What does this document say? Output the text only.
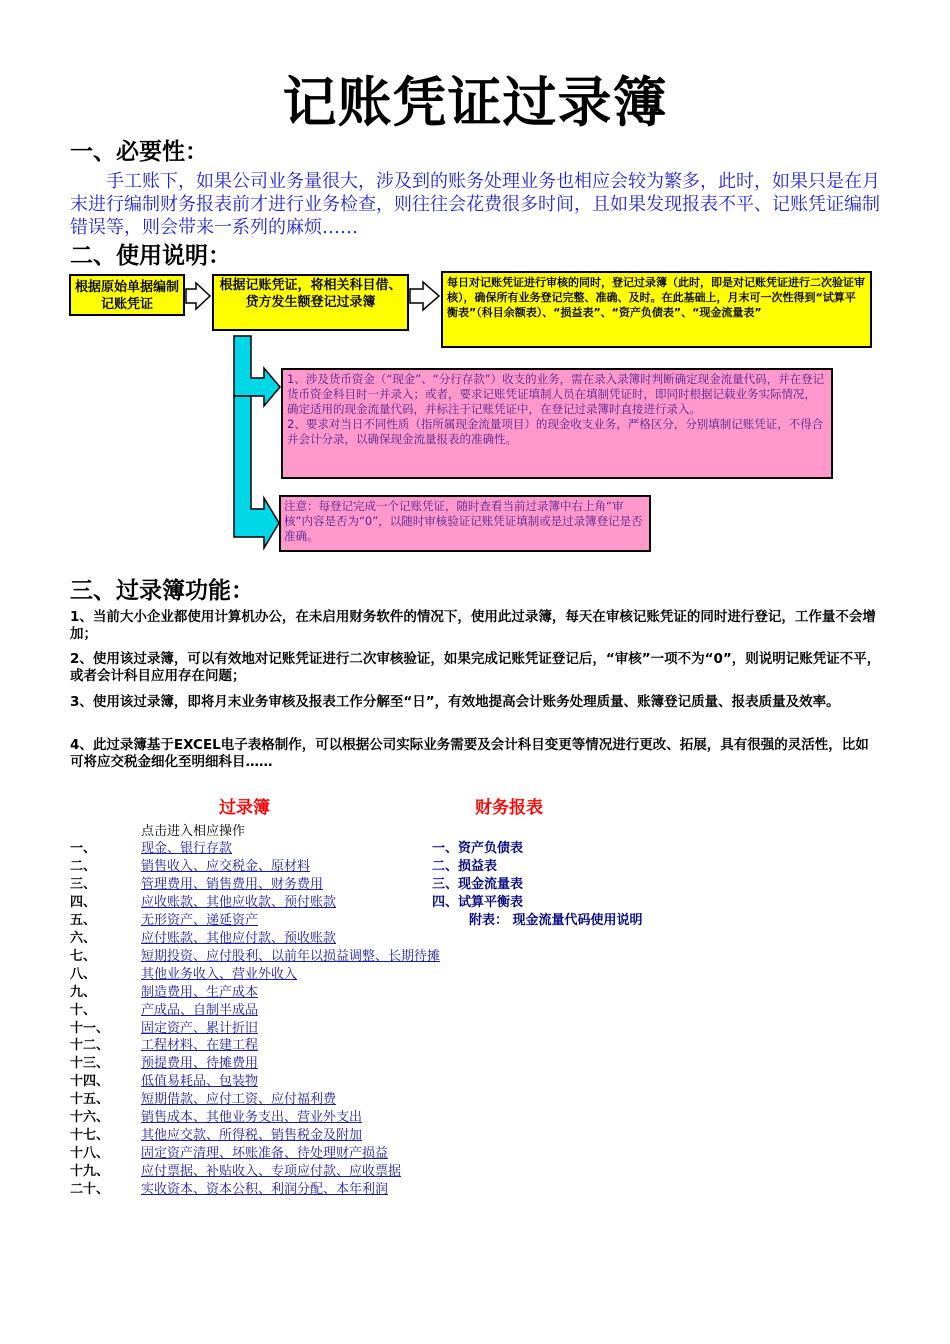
记账凭证过录簿
一、必要性：
　　手工账下，如果公司业务量很大，涉及到的账务处理业务也相应会较为繁多，此时，如果只是在月末进行编制财务报表前才进行业务检查，则往往会花费很多时间，且如果发现报表不平、记账凭证编制错误等，则会带来一系列的麻烦……
二、使用说明：
根据原始单据编制记账凭证
根据记账凭证，将相关科目借、贷方发生额登记过录簿
每日对记账凭证进行审核的同时，登记过录簿（此时，即是对记账凭证进行二次验证审核），确保所有业务登记完整、准确、及时。在此基础上，月末可一次性得到“试算平衡表”（科目余额表）、“损益表”、“资产负债表”、“现金流量表”
1、涉及货币资金（“现金”、“分行存款”）收支的业务，需在录入录簿时判断确定现金流量代码，并在登记货币资金科目时一并录入；或者，要求记账凭证填制人员在填制凭证时，即同时根据记载业务实际情况，确定适用的现金流量代码，并标注于记账凭证中，在登记过录簿时直接进行录入。
2、要求对当日不同性质（指所属现金流量项目）的现金收支业务，严格区分，分别填制记账凭证，不得合并会计分录，以确保现金流量报表的准确性。
注意：每登记完成一个记账凭证，随时查看当前过录簿中右上角“审核”内容是否为“0”，以随时审核验证记账凭证填制或是过录簿登记是否准确。
三、过录簿功能：
1、当前大小企业都使用计算机办公，在未启用财务软件的情况下，使用此过录簿，每天在审核记账凭证的同时进行登记，工作量不会增加；
2、使用该过录簿，可以有效地对记账凭证进行二次审核验证，如果完成记账凭证登记后，“审核”一项不为“0”，则说明记账凭证不平，或者会计科目应用存在问题；
3、使用该过录簿，即将月末业务审核及报表工作分解至“日”，有效地提高会计账务处理质量、账簿登记质量、报表质量及效率。
4、此过录簿基于EXCEL电子表格制作，可以根据公司实际业务需要及会计科目变更等情况进行更改、拓展，具有很强的灵活性，比如可将应交税金细化至明细科目……
过录簿	财务报表
点击进入相应操作
一、	现金、银行存款
二、	销售收入、应交税金、原材料
三、	管理费用、销售费用、财务费用
四、	应收账款、其他应收款、预付账款
五、	无形资产、递延资产
六、	应付账款、其他应付款、预收账款
七、	短期投资、应付股利、以前年以损益调整、长期待摊
八、	其他业务收入、营业外收入
九、	制造费用、生产成本
十、	产成品、自制半成品
十一、 固定资产、累计折旧
十二、 工程材料、在建工程
十三、 预提费用、待摊费用
十四、 低值易耗品、包装物
十五、 短期借款、应付工资、应付福利费
十六、 销售成本、其他业务支出、营业外支出
十七、 其他应交款、所得税、销售税金及附加
十八、 固定资产清理、坏账准备、待处理财产损益
十九、 应付票据、补贴收入、专项应付款、应收票据
二十、 实收资本、资本公积、利润分配、本年利润
一、资产负债表
二、损益表
三、现金流量表
四、试算平衡表
附表： 现金流量代码使用说明
